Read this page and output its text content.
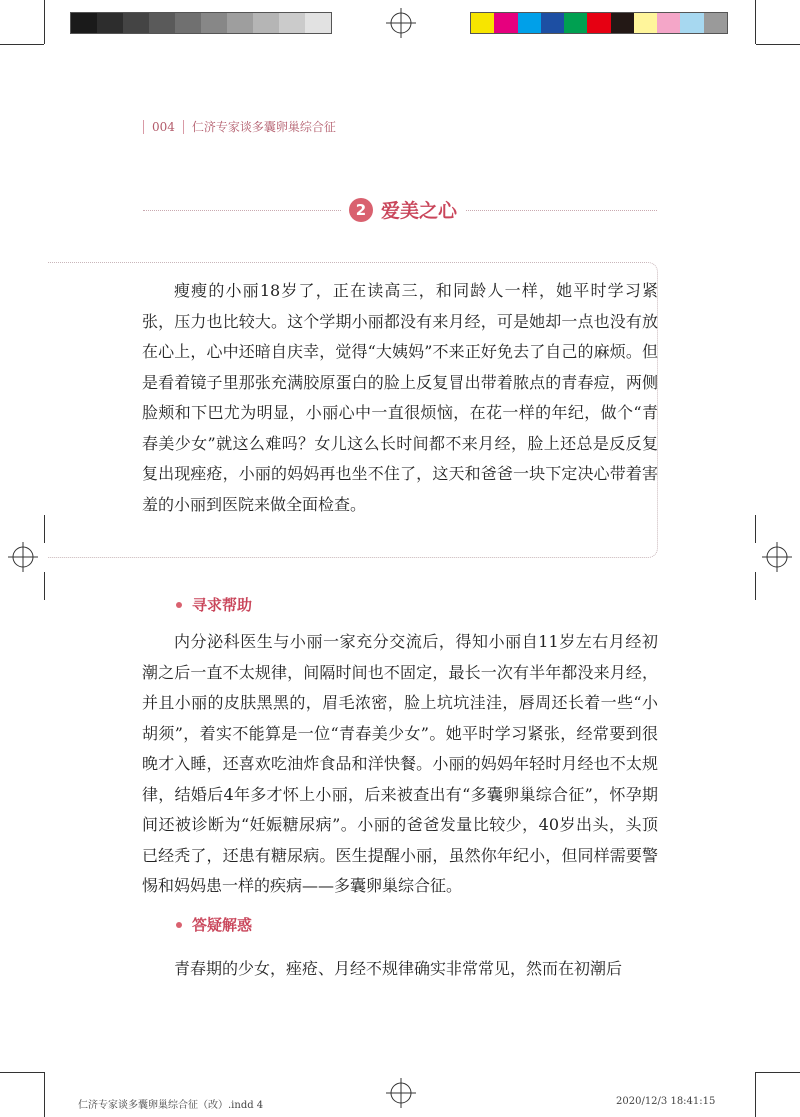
004 仁济专家谈多囊卵巢综合征
2 爱美之心

瘦瘦的小丽18岁了，正在读高三，和同龄人一样，她平时学习紧张，压力也比较大。这个学期小丽都没有来月经，可是她却一点也没有放在心上，心中还暗自庆幸，觉得“大姨妈”不来正好免去了自己的麻烦。但是看着镜子里那张充满胶原蛋白的脸上反复冒出带着脓点的青春痘，两侧脸颊和下巴尤为明显，小丽心中一直很烦恼，在花一样的年纪，做个“青春美少女”就这么难吗？女儿这么长时间都不来月经，脸上还总是反反复复出现痤疮，小丽的妈妈再也坐不住了，这天和爸爸一块下定决心带着害羞的小丽到医院来做全面检查。

寻求帮助

内分泌科医生与小丽一家充分交流后，得知小丽自11岁左右月经初潮之后一直不太规律，间隔时间也不固定，最长一次有半年都没来月经，并且小丽的皮肤黑黑的，眉毛浓密，脸上坑坑洼洼，唇周还长着一些“小胡须”，着实不能算是一位“青春美少女”。她平时学习紧张，经常要到很晚才入睡，还喜欢吃油炸食品和洋快餐。小丽的妈妈年轻时月经也不太规律，结婚后4年多才怀上小丽，后来被查出有“多囊卵巢综合征”，怀孕期间还被诊断为“妊娠糖尿病”。小丽的爸爸发量比较少，40岁出头，头顶已经秃了，还患有糖尿病。医生提醒小丽，虽然你年纪小，但同样需要警惕和妈妈患一样的疾病——多囊卵巢综合征。

答疑解惑

青春期的少女，痤疮、月经不规律确实非常常见，然而在初潮后

仁济专家谈多囊卵巢综合征（改）.indd 4	2020/12/3 18:41:15
